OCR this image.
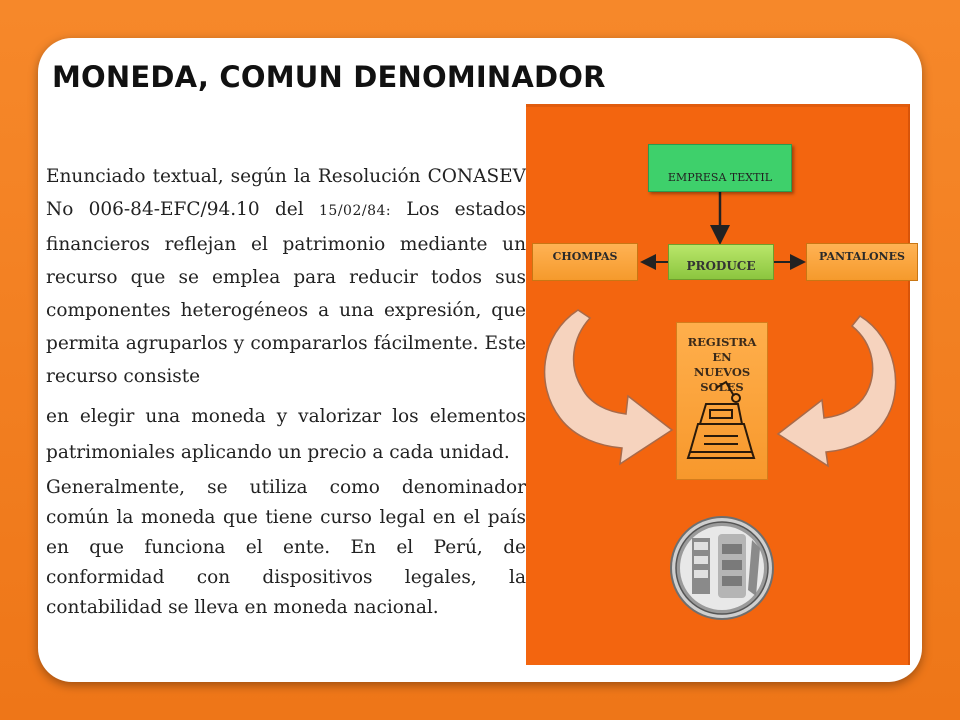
MONEDA, COMUN DENOMINADOR

Enunciado textual, según la Resolución CONASEV No 006-84-EFC/94.10 del 15/02/84: Los estados financieros reflejan el patrimonio mediante un recurso que se emplea para reducir todos sus componentes heterogéneos a una expresión, que permita agruparlos y compararlos fácilmente. Este recurso consiste

en elegir una moneda y valorizar los elementos patrimoniales aplicando un precio a cada unidad.

Generalmente, se utiliza como denominador común la moneda que tiene curso legal en el país en que funciona el ente. En el Perú, de conformidad con dispositivos legales, la contabilidad se lleva en moneda nacional.

EMPRESA TEXTIL
PRODUCE
CHOMPAS	PANTALONES
REGISTRA
EN
NUEVOS
SOLES
